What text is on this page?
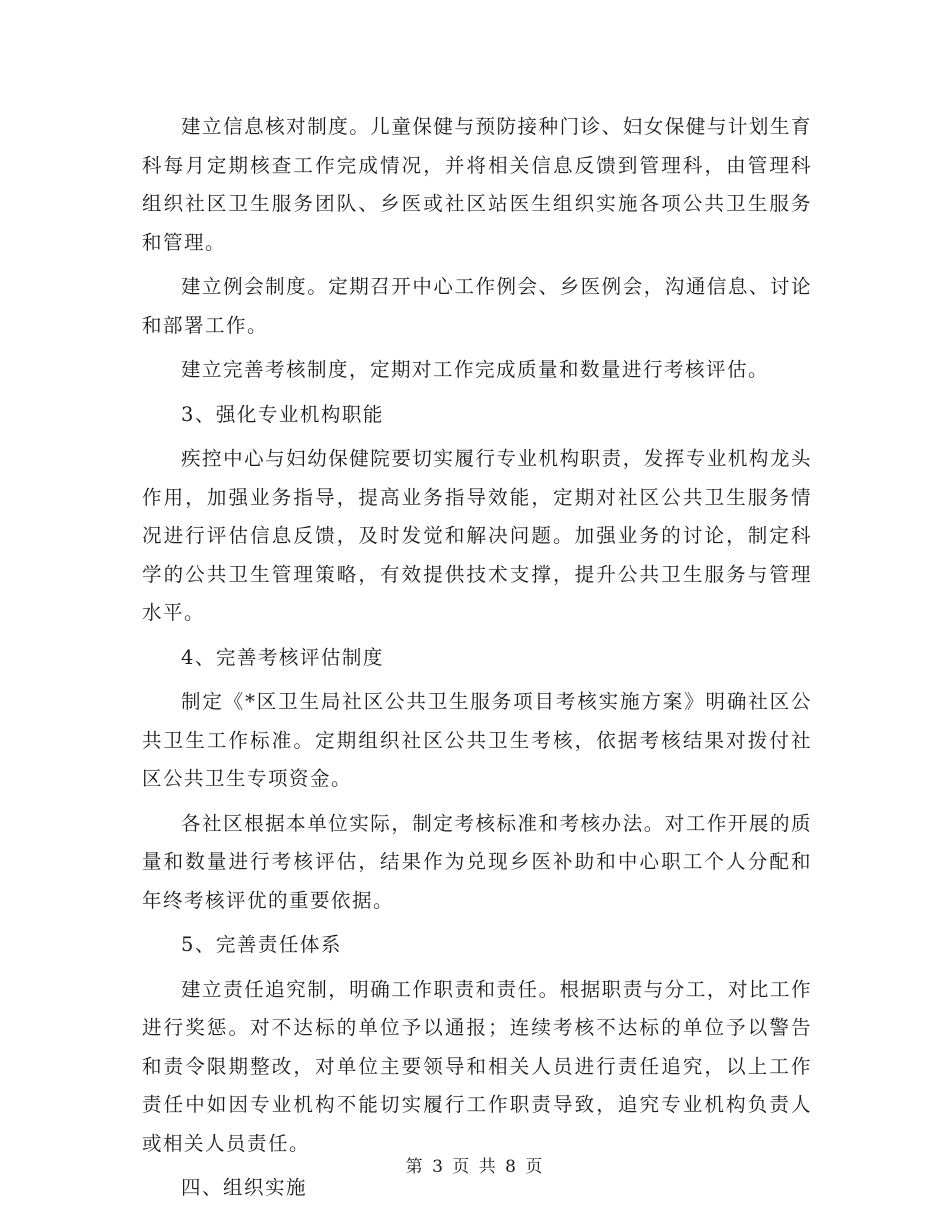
建立信息核对制度。儿童保健与预防接种门诊、妇女保健与计划生育科每月定期核查工作完成情况，并将相关信息反馈到管理科，由管理科组织社区卫生服务团队、乡医或社区站医生组织实施各项公共卫生服务和管理。

建立例会制度。定期召开中心工作例会、乡医例会，沟通信息、讨论和部署工作。

建立完善考核制度，定期对工作完成质量和数量进行考核评估。

3、强化专业机构职能

疾控中心与妇幼保健院要切实履行专业机构职责，发挥专业机构龙头作用，加强业务指导，提高业务指导效能，定期对社区公共卫生服务情况进行评估信息反馈，及时发觉和解决问题。加强业务的讨论，制定科学的公共卫生管理策略，有效提供技术支撑，提升公共卫生服务与管理水平。

4、完善考核评估制度

制定《*区卫生局社区公共卫生服务项目考核实施方案》明确社区公共卫生工作标准。定期组织社区公共卫生考核，依据考核结果对拨付社区公共卫生专项资金。

各社区根据本单位实际，制定考核标准和考核办法。对工作开展的质量和数量进行考核评估，结果作为兑现乡医补助和中心职工个人分配和年终考核评优的重要依据。

5、完善责任体系

建立责任追究制，明确工作职责和责任。根据职责与分工，对比工作进行奖惩。对不达标的单位予以通报；连续考核不达标的单位予以警告和责令限期整改，对单位主要领导和相关人员进行责任追究，以上工作责任中如因专业机构不能切实履行工作职责导致，追究专业机构负责人或相关人员责任。

四、组织实施

第 3 页 共 8 页
